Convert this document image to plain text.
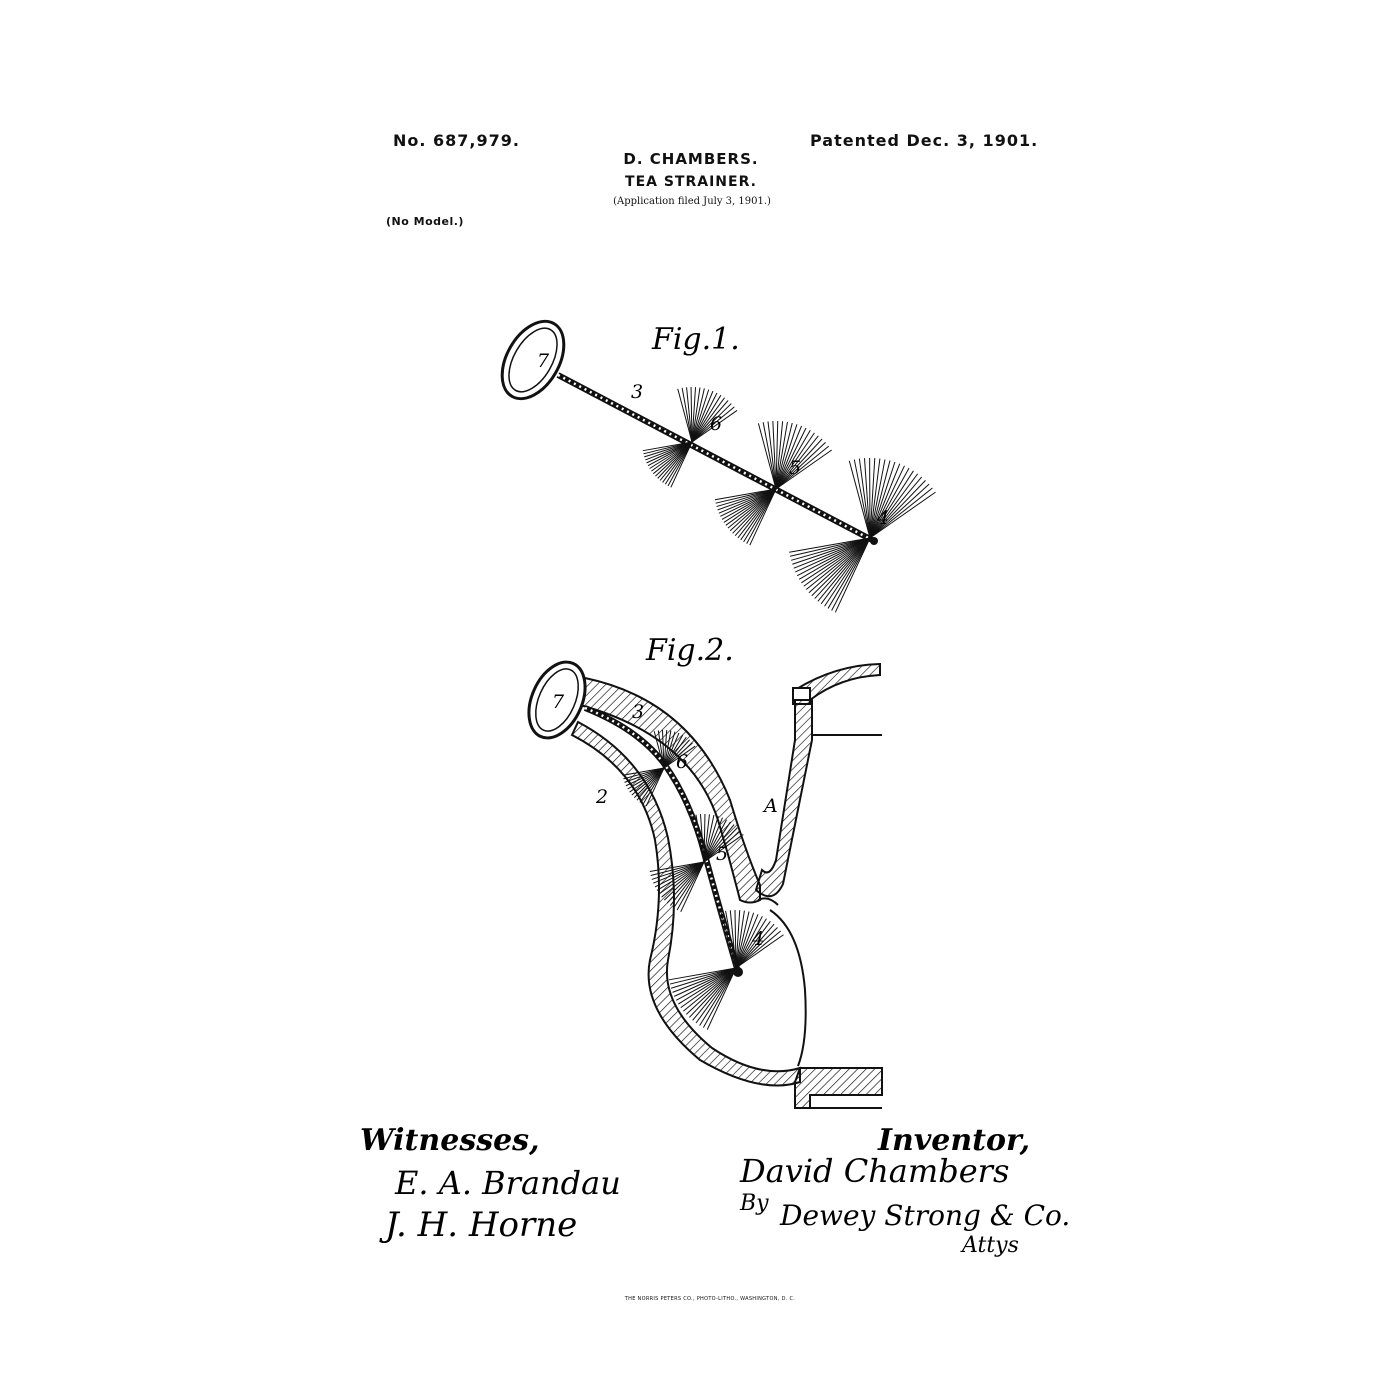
No. 687,979.	Patented Dec. 3, 1901.
D. CHAMBERS.
TEA STRAINER.
(Application filed July 3, 1901.)
(No Model.)
Fig.1.
3
7
6
5
4
Fig.2.
7	3
6
5
4
2	A
Witnesses,
E. A. Brandau
J. H. Horne
Inventor,
David Chambers
By Dewey Strong & Co.
Attys
THE NORRIS PETERS CO., PHOTO-LITHO., WASHINGTON, D. C.
